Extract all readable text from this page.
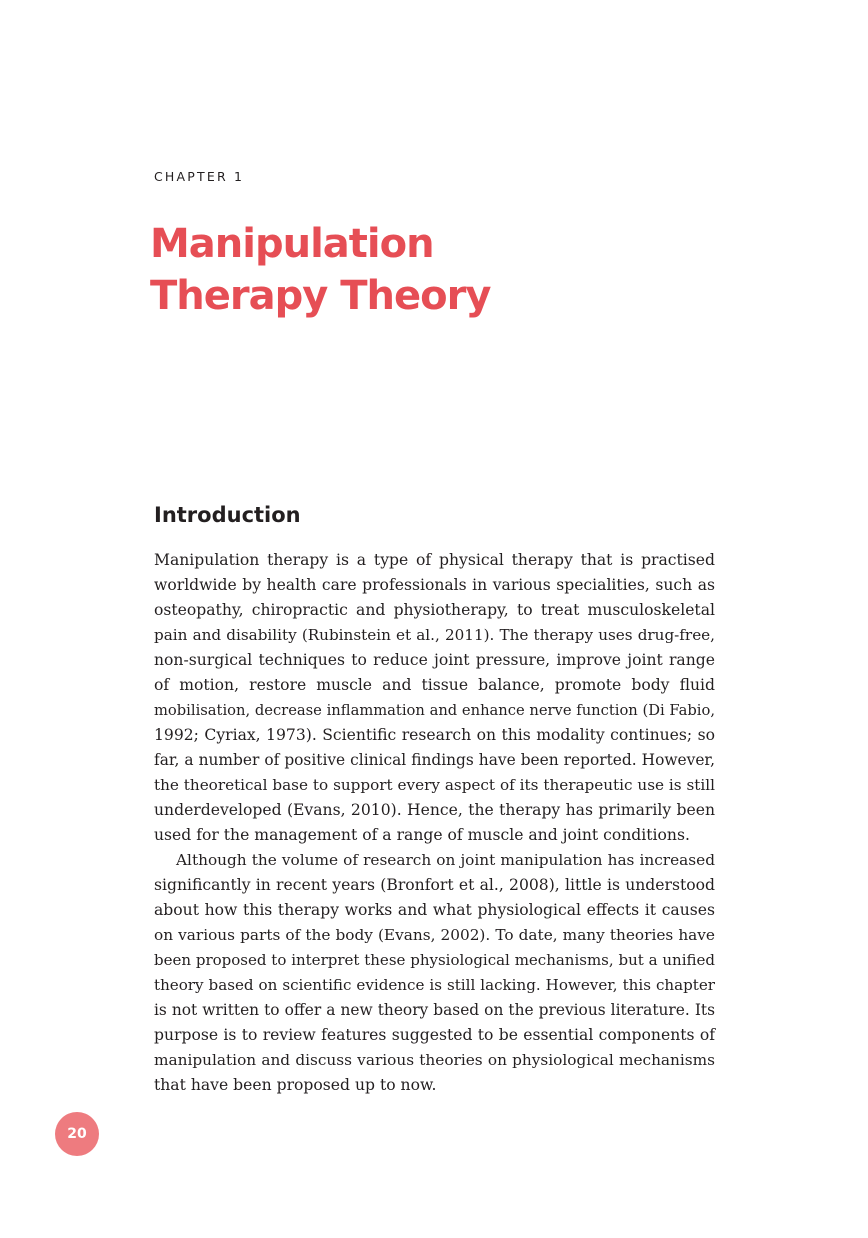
CHAPTER 1
Manipulation
Therapy Theory
Introduction
Manipulation therapy is a type of physical therapy that is practised
worldwide by health care professionals in various specialities, such as
osteopathy, chiropractic and physiotherapy, to treat musculoskeletal
pain and disability (Rubinstein et al., 2011). The therapy uses drug-free,
non-surgical techniques to reduce joint pressure, improve joint range
of motion, restore muscle and tissue balance, promote body fluid
mobilisation, decrease inflammation and enhance nerve function (Di Fabio,
1992; Cyriax, 1973). Scientific research on this modality continues; so
far, a number of positive clinical findings have been reported. However,
the theoretical base to support every aspect of its therapeutic use is still
underdeveloped (Evans, 2010). Hence, the therapy has primarily been
used for the management of a range of muscle and joint conditions.
Although the volume of research on joint manipulation has increased
significantly in recent years (Bronfort et al., 2008), little is understood
about how this therapy works and what physiological effects it causes
on various parts of the body (Evans, 2002). To date, many theories have
been proposed to interpret these physiological mechanisms, but a unified
theory based on scientific evidence is still lacking. However, this chapter
is not written to offer a new theory based on the previous literature. Its
purpose is to review features suggested to be essential components of
manipulation and discuss various theories on physiological mechanisms
that have been proposed up to now.
20
